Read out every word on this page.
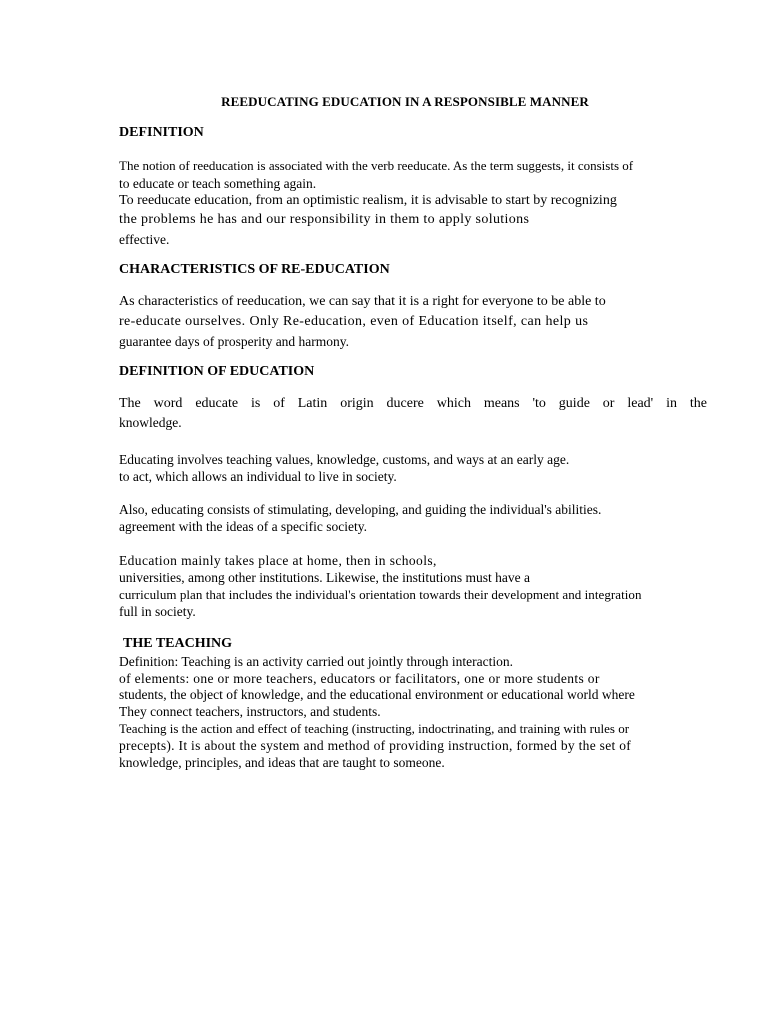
REEDUCATING EDUCATION IN A RESPONSIBLE MANNER
DEFINITION
The notion of reeducation is associated with the verb reeducate. As the term suggests, it consists of
to educate or teach something again.
To reeducate education, from an optimistic realism, it is advisable to start by recognizing
the problems he has and our responsibility in them to apply solutions
effective.
CHARACTERISTICS OF RE-EDUCATION
As characteristics of reeducation, we can say that it is a right for everyone to be able to
re-educate ourselves. Only Re-education, even of Education itself, can help us
guarantee days of prosperity and harmony.
DEFINITION OF EDUCATION
The word educate is of Latin origin ducere which means 'to guide or lead' in the
knowledge.
Educating involves teaching values, knowledge, customs, and ways at an early age.
to act, which allows an individual to live in society.
Also, educating consists of stimulating, developing, and guiding the individual's abilities.
agreement with the ideas of a specific society.
Education mainly takes place at home, then in schools,
universities, among other institutions. Likewise, the institutions must have a
curriculum plan that includes the individual's orientation towards their development and integration
full in society.
THE TEACHING
Definition: Teaching is an activity carried out jointly through interaction.
of elements: one or more teachers, educators or facilitators, one or more students or
students, the object of knowledge, and the educational environment or educational world where
They connect teachers, instructors, and students.
Teaching is the action and effect of teaching (instructing, indoctrinating, and training with rules or
precepts). It is about the system and method of providing instruction, formed by the set of
knowledge, principles, and ideas that are taught to someone.
